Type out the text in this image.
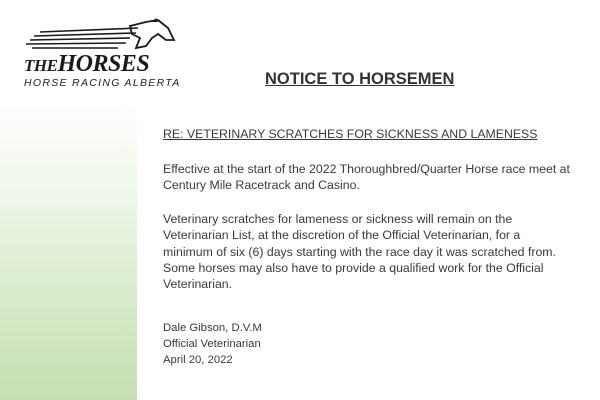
THEHORSES
HORSE RACING ALBERTA	NOTICE TO HORSEMEN
RE: VETERINARY SCRATCHES FOR SICKNESS AND LAMENESS
Effective at the start of the 2022 Thoroughbred/Quarter Horse race meet at
Century Mile Racetrack and Casino.
Veterinary scratches for lameness or sickness will remain on the
Veterinarian List, at the discretion of the Official Veterinarian, for a
minimum of six (6) days starting with the race day it was scratched from.
Some horses may also have to provide a qualified work for the Official
Veterinarian.
Dale Gibson, D.V.M
Official Veterinarian
April 20, 2022
